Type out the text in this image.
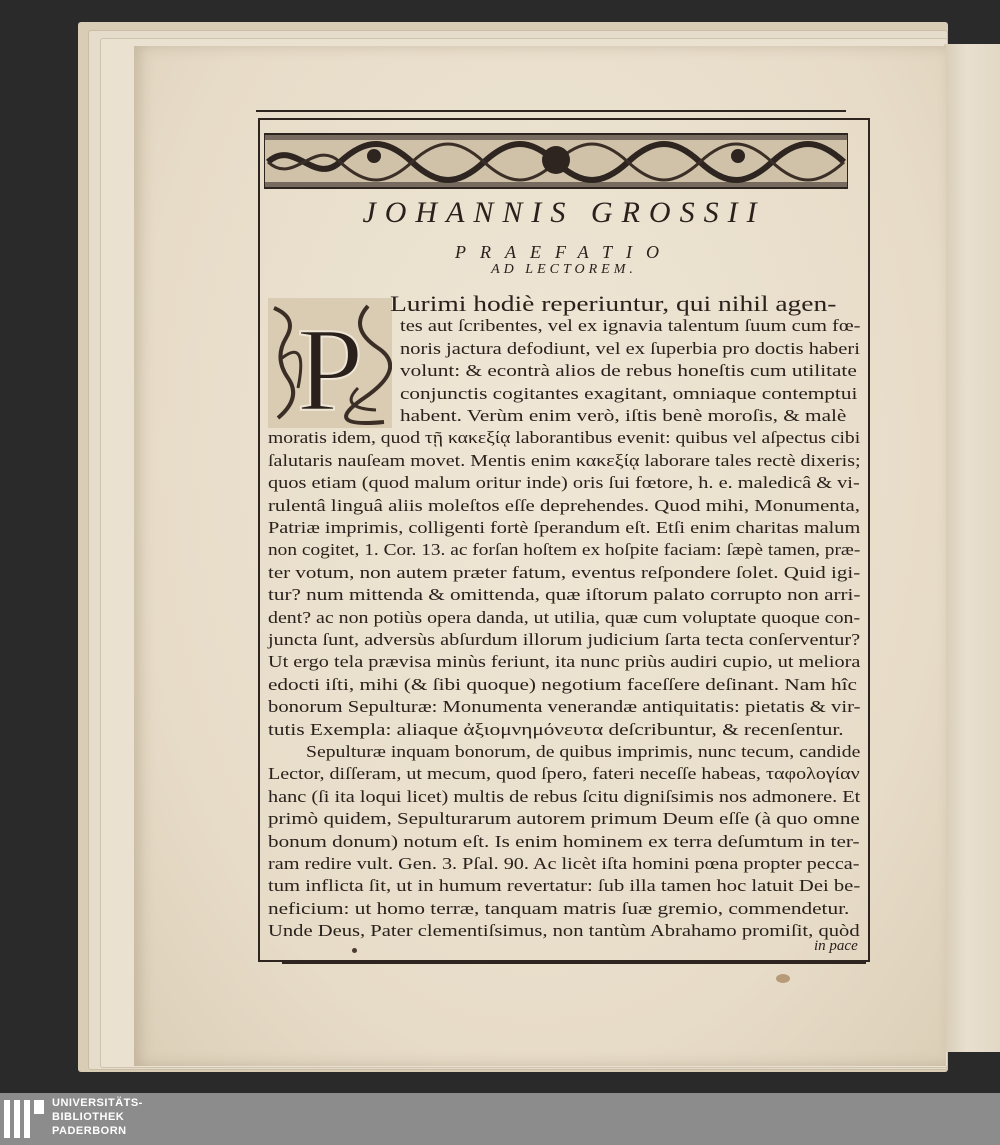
JOHANNIS GROSSII
PRAEFATIO
AD LECTOREM.
P Lurimi hodiè reperiuntur, qui nihil agen-
tes aut ſcribentes, vel ex ignavia talentum ſuum cum fœ-
noris jactura defodiunt, vel ex ſuperbia pro doctis haberi
volunt: & econtrà alios de rebus honeſtis cum utilitate
conjunctis cogitantes exagitant, omniaque contemptui
habent. Verùm enim verò, iſtis benè moroſis, & malè
moratis idem, quod τῇ κακεξίᾳ laborantibus evenit: quibus vel aſpectus cibi
ſalutaris nauſeam movet. Mentis enim κακεξίᾳ laborare tales rectè dixeris;
quos etiam (quod malum oritur inde) oris ſui fœtore, h. e. maledicâ & vi-
rulentâ linguâ aliis moleſtos eſſe deprehendes. Quod mihi, Monumenta,
Patriæ imprimis, colligenti fortè ſperandum eſt. Etſi enim charitas malum
non cogitet, 1. Cor. 13. ac forſan hoſtem ex hoſpite faciam: ſæpè tamen, præ-
ter votum, non autem præter fatum, eventus reſpondere ſolet. Quid igi-
tur? num mittenda & omittenda, quæ iſtorum palato corrupto non arri-
dent? ac non potiùs opera danda, ut utilia, quæ cum voluptate quoque con-
juncta ſunt, adversùs abſurdum illorum judicium ſarta tecta conſerventur?
Ut ergo tela prævisa minùs feriunt, ita nunc priùs audiri cupio, ut meliora
edocti iſti, mihi (& ſibi quoque) negotium faceſſere deſinant. Nam hîc
bonorum Sepulturæ: Monumenta venerandæ antiquitatis: pietatis & vir-
tutis Exempla: aliaque ἀξιομνημόνευτα deſcribuntur, & recenſentur.
Sepulturæ inquam bonorum, de quibus imprimis, nunc tecum, candide
Lector, diſſeram, ut mecum, quod ſpero, fateri neceſſe habeas, ταφολογίαν
hanc (ſi ita loqui licet) multis de rebus ſcitu digniſsimis nos admonere. Et
primò quidem, Sepulturarum autorem primum Deum eſſe (à quo omne
bonum donum) notum eſt. Is enim hominem ex terra deſumtum in ter-
ram redire vult. Gen. 3. Pſal. 90. Ac licèt iſta homini pœna propter pecca-
tum inflicta ſit, ut in humum revertatur: ſub illa tamen hoc latuit Dei be-
neficium: ut homo terræ, tanquam matris ſuæ gremio, commendetur.
Unde Deus, Pater clementiſsimus, non tantùm Abrahamo promiſit, quòd
in pace
UNIVERSITÄTS-
BIBLIOTHEK
PADERBORN
